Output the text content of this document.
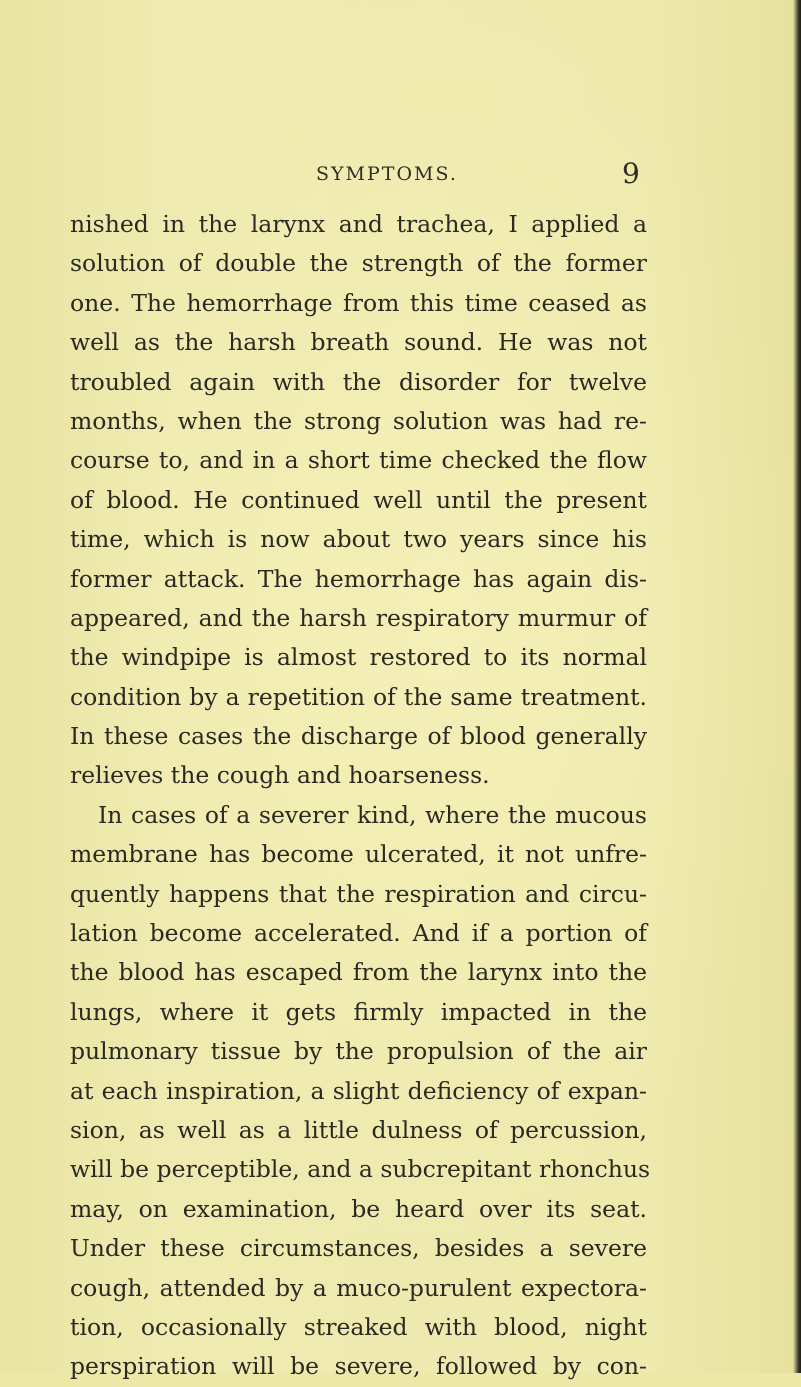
SYMPTOMS.	9
nished in the larynx and trachea, I applied a
solution of double the strength of the former
one. The hemorrhage from this time ceased as
well as the harsh breath sound. He was not
troubled again with the disorder for twelve
months, when the strong solution was had re-
course to, and in a short time checked the flow
of blood. He continued well until the present
time, which is now about two years since his
former attack. The hemorrhage has again dis-
appeared, and the harsh respiratory murmur of
the windpipe is almost restored to its normal
condition by a repetition of the same treatment.
In these cases the discharge of blood generally
relieves the cough and hoarseness.
In cases of a severer kind, where the mucous
membrane has become ulcerated, it not unfre-
quently happens that the respiration and circu-
lation become accelerated. And if a portion of
the blood has escaped from the larynx into the
lungs, where it gets firmly impacted in the
pulmonary tissue by the propulsion of the air
at each inspiration, a slight deficiency of expan-
sion, as well as a little dulness of percussion,
will be perceptible, and a subcrepitant rhonchus
may, on examination, be heard over its seat.
Under these circumstances, besides a severe
cough, attended by a muco-purulent expectora-
tion, occasionally streaked with blood, night
perspiration will be severe, followed by con-
